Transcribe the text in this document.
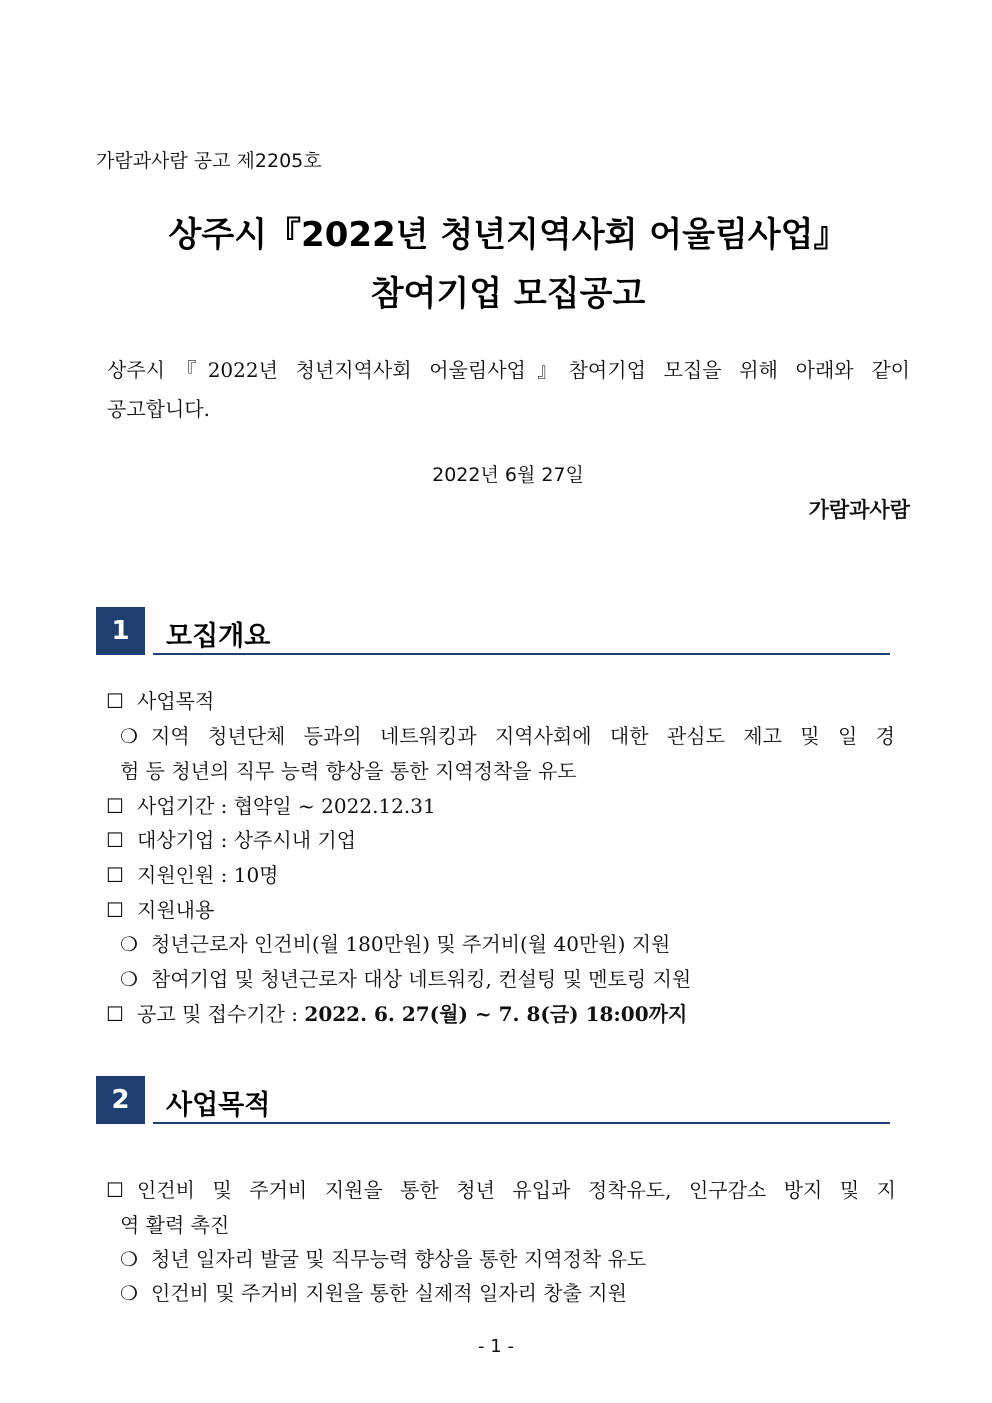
가람과사람 공고 제2205호
상주시『2022년 청년지역사회 어울림사업』
참여기업 모집공고
상주시『2022년 청년지역사회 어울림사업』참여기업 모집을 위해 아래와 같이
공고합니다.
2022년 6월 27일
가람과사람
1	모집개요
☐ 사업목적
❍ 지역 청년단체 등과의 네트워킹과 지역사회에 대한 관심도 제고 및 일 경
험 등 청년의 직무 능력 향상을 통한 지역정착을 유도
☐ 사업기간 : 협약일 ~ 2022.12.31
☐ 대상기업 : 상주시내 기업
☐ 지원인원 : 10명
☐ 지원내용
❍ 청년근로자 인건비(월 180만원) 및 주거비(월 40만원) 지원
❍ 참여기업 및 청년근로자 대상 네트워킹, 컨설팅 및 멘토링 지원
☐ 공고 및 접수기간 : 2022. 6. 27(월) ~ 7. 8(금) 18:00까지
2	사업목적
☐ 인건비 및 주거비 지원을 통한 청년 유입과 정착유도, 인구감소 방지 및 지
역 활력 촉진
❍ 청년 일자리 발굴 및 직무능력 향상을 통한 지역정착 유도
❍ 인건비 및 주거비 지원을 통한 실제적 일자리 창출 지원
- 1 -
